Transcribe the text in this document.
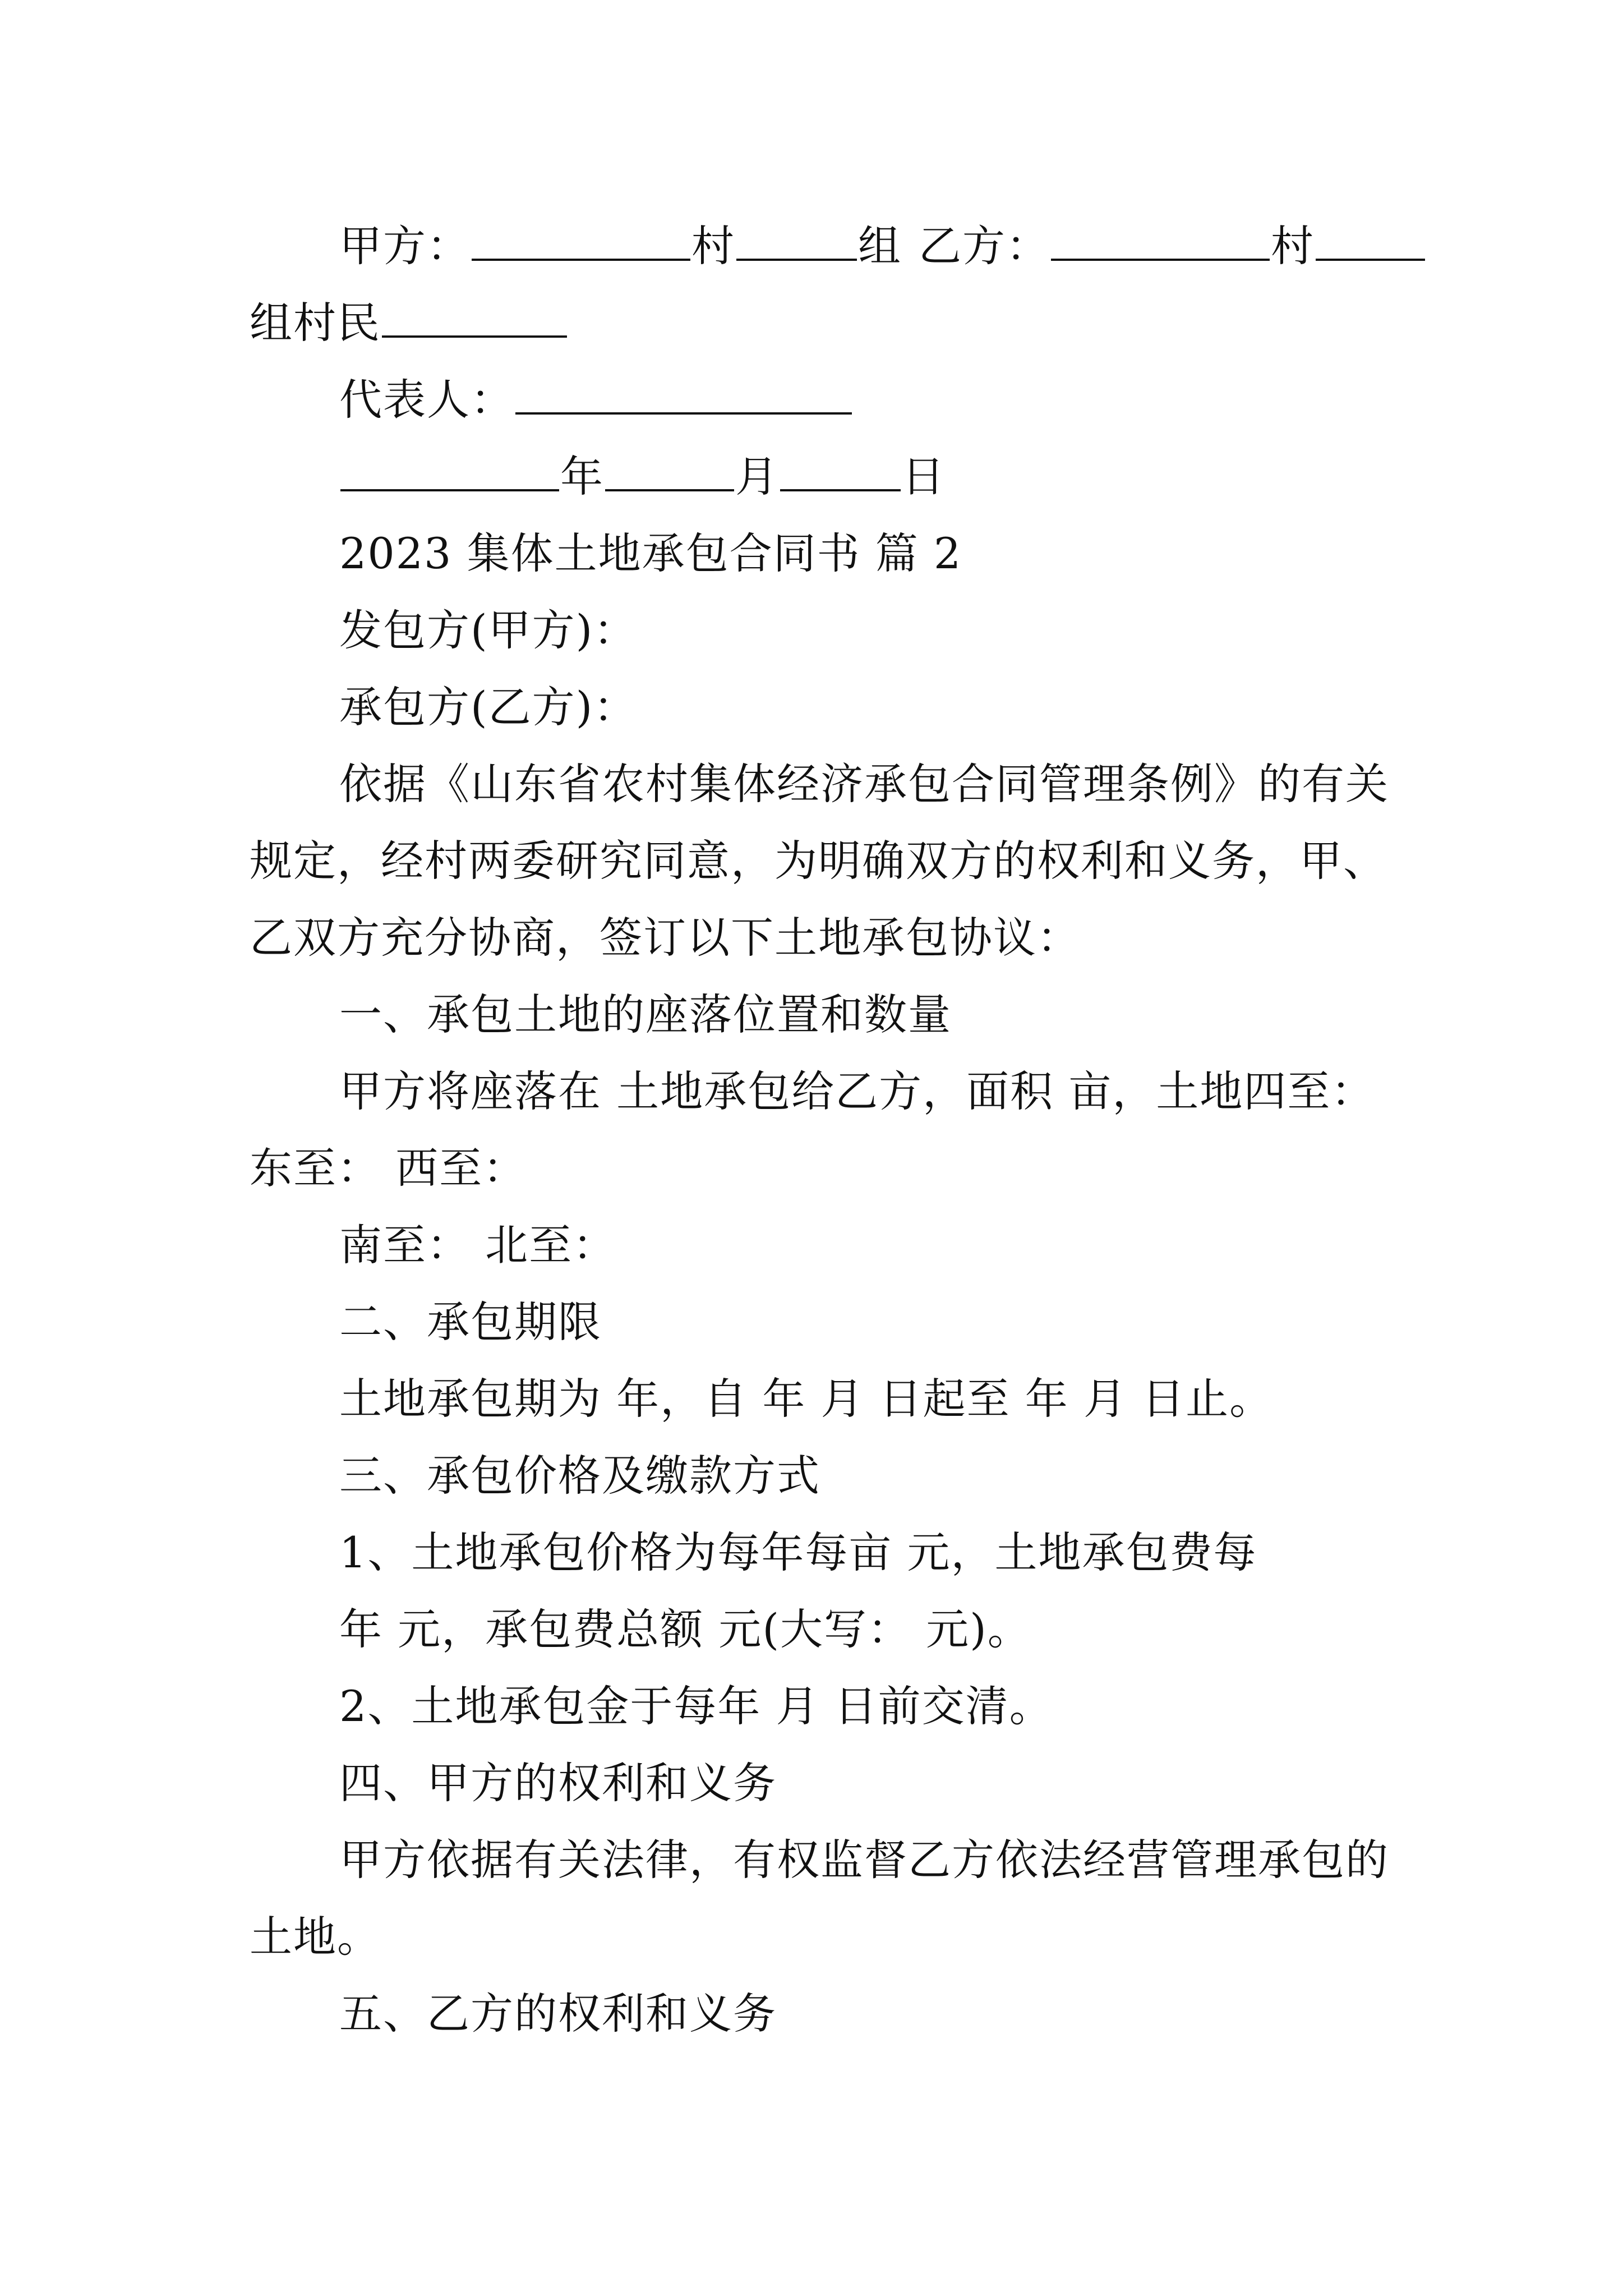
甲方：	村	组 乙方：	村
组村民
代表人：
年	月	日
2023 集体土地承包合同书 篇 2
发包方(甲方)：
承包方(乙方)：
依据《山东省农村集体经济承包合同管理条例》的有关
规定，经村两委研究同意，为明确双方的权利和义务，甲、
乙双方充分协商，签订以下土地承包协议：
一、承包土地的座落位置和数量
甲方将座落在 土地承包给乙方，面积 亩，土地四至：
东至： 西至：
南至： 北至：
二、承包期限
土地承包期为 年，自 年 月 日起至 年 月 日止。
三、承包价格及缴款方式
1、土地承包价格为每年每亩 元，土地承包费每
年 元，承包费总额 元(大写： 元)。
2、土地承包金于每年 月 日前交清。
四、甲方的权利和义务
甲方依据有关法律，有权监督乙方依法经营管理承包的
土地。
五、乙方的权利和义务
